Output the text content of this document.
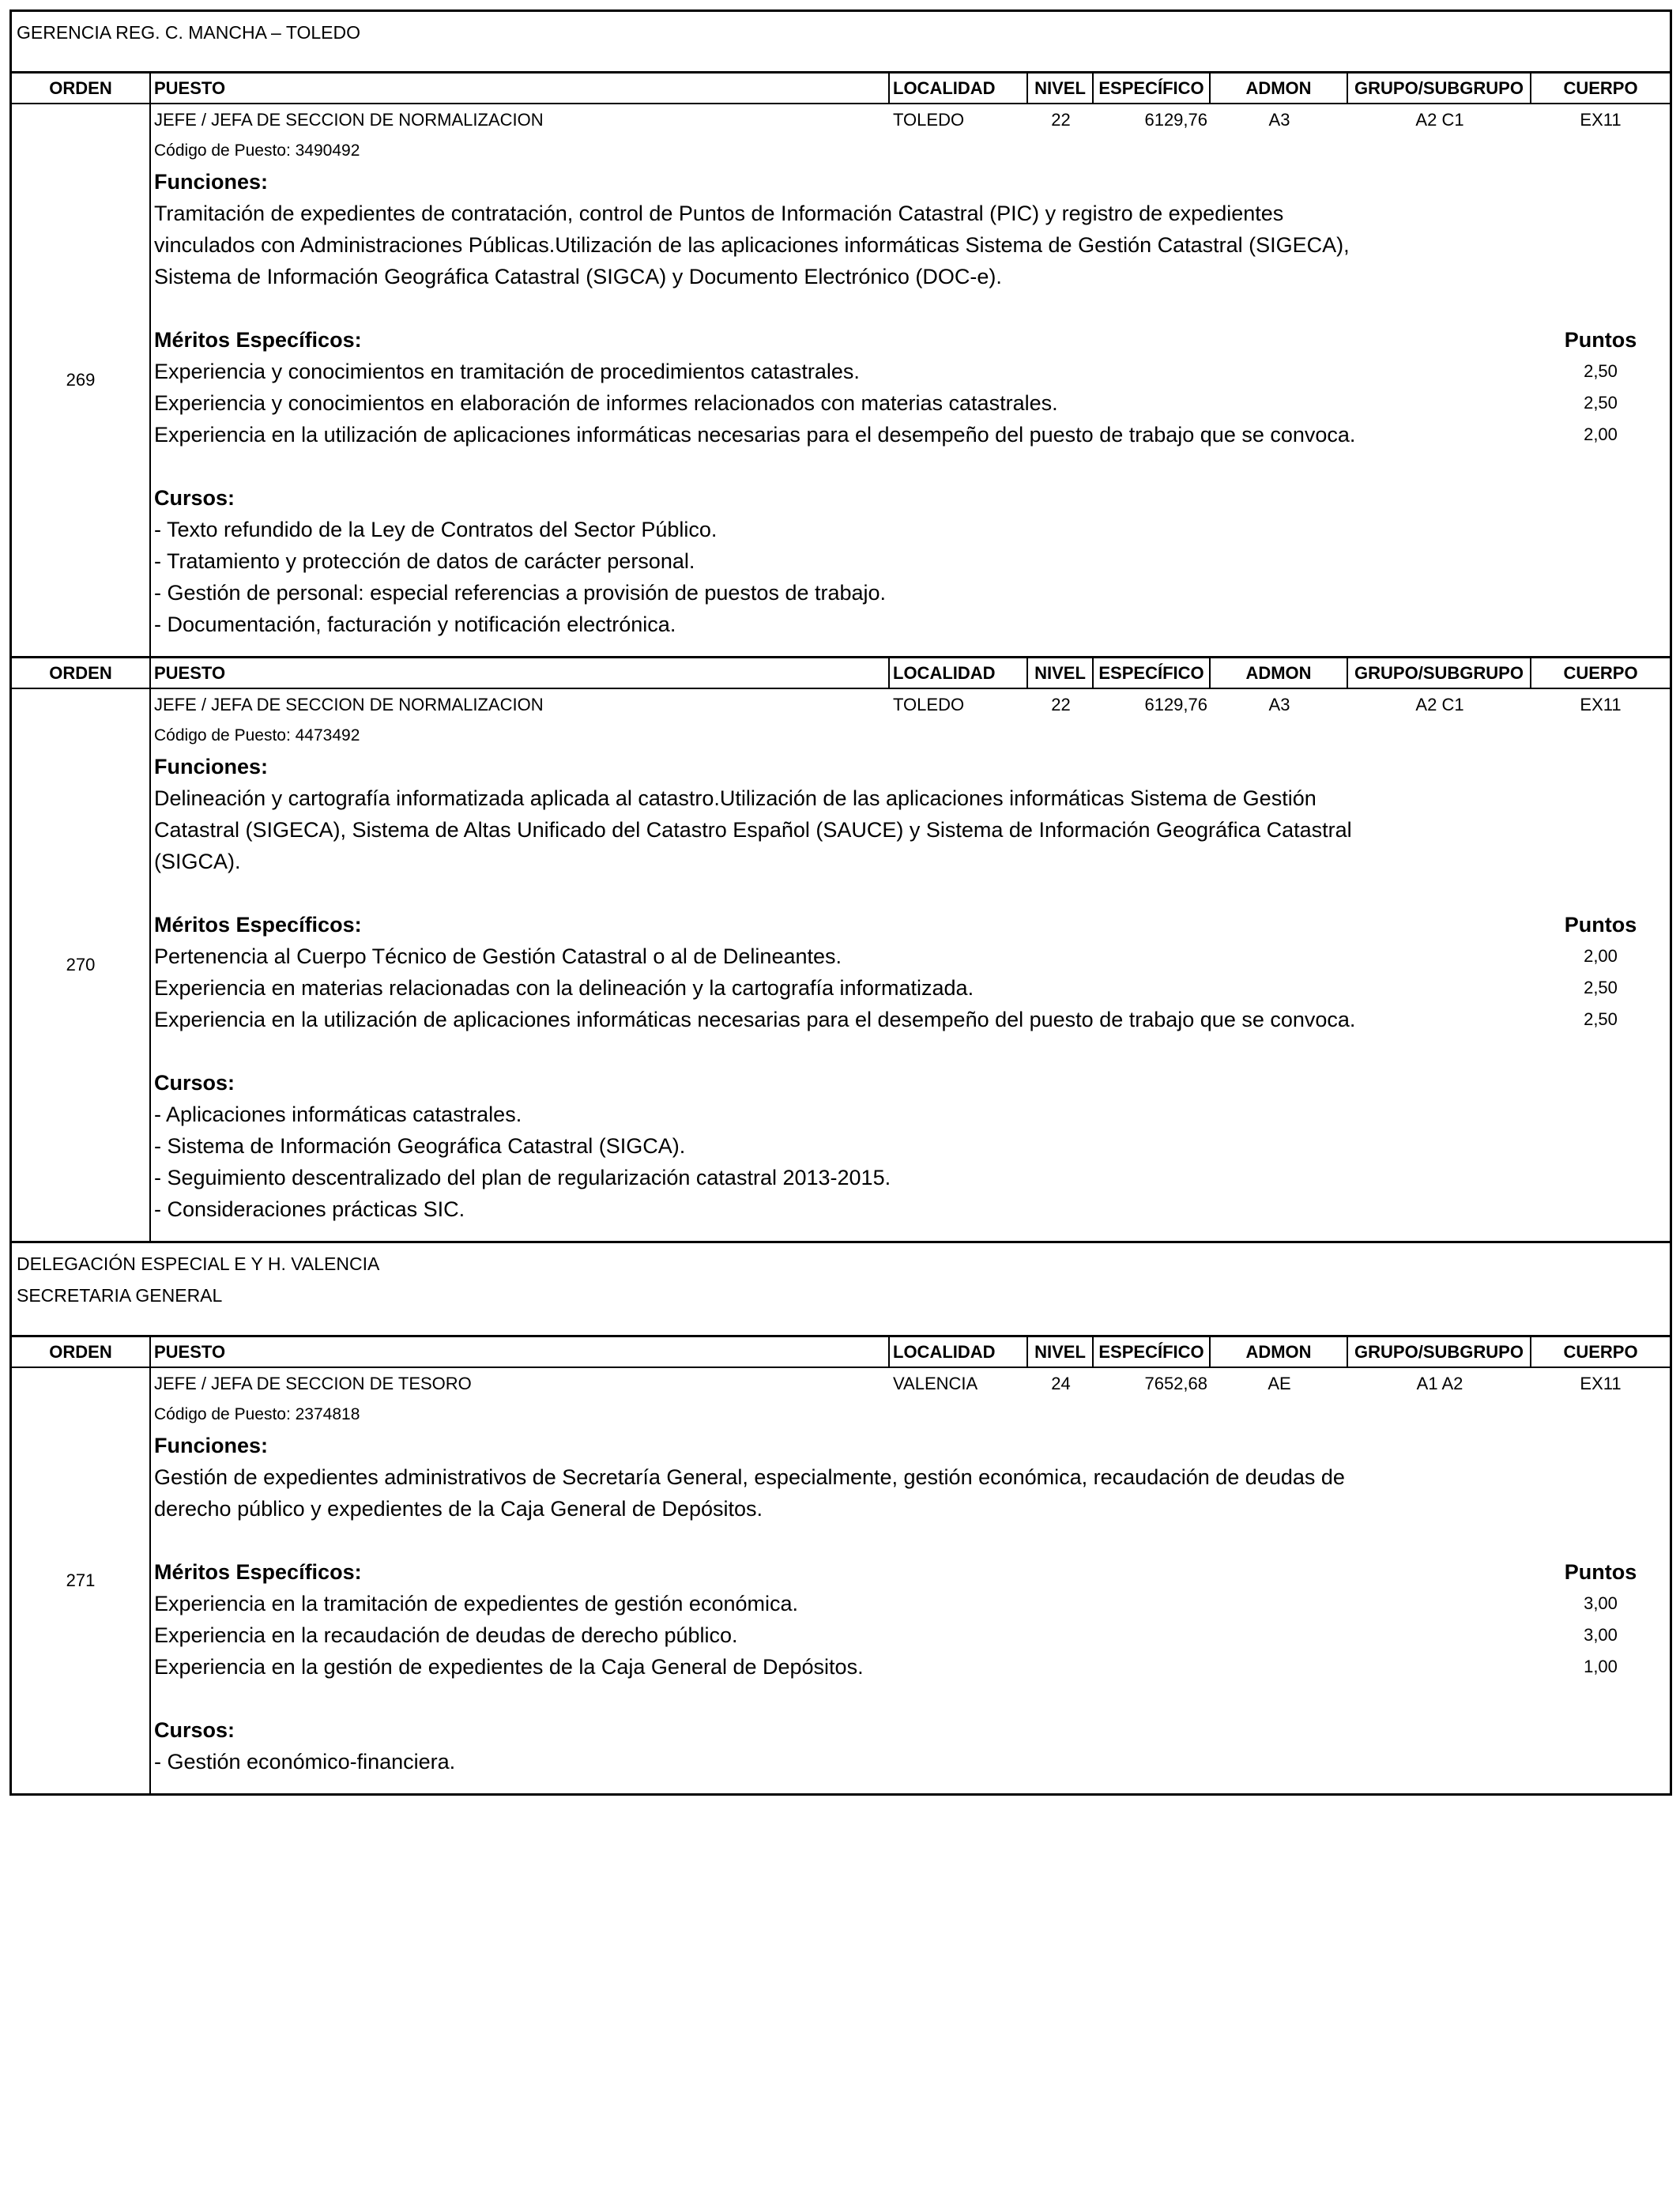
GERENCIA REG. C. MANCHA – TOLEDO
ORDEN	PUESTO	LOCALIDAD	NIVEL ESPECÍFICO	ADMON	GRUPO/SUBGRUPO	CUERPO
269
JEFE / JEFA DE SECCION DE NORMALIZACION	TOLEDO	22	6129,76	A3	A2 C1	EX11
Código de Puesto: 3490492
Funciones:
Tramitación de expedientes de contratación, control de Puntos de Información Catastral (PIC) y registro de expedientes vinculados con Administraciones Públicas.Utilización de las aplicaciones informáticas Sistema de Gestión Catastral (SIGECA), Sistema de Información Geográfica Catastral (SIGCA) y Documento Electrónico (DOC-e).
Méritos Específicos:	Puntos
Experiencia y conocimientos en tramitación de procedimientos catastrales.	2,50
Experiencia y conocimientos en elaboración de informes relacionados con materias catastrales.	2,50
Experiencia en la utilización de aplicaciones informáticas necesarias para el desempeño del puesto de trabajo que se convoca.	2,00
Cursos:
- Texto refundido de la Ley de Contratos del Sector Público.
- Tratamiento y protección de datos de carácter personal.
- Gestión de personal: especial referencias a provisión de puestos de trabajo.
- Documentación, facturación y notificación electrónica.
ORDEN	PUESTO	LOCALIDAD	NIVEL ESPECÍFICO	ADMON	GRUPO/SUBGRUPO	CUERPO
270
JEFE / JEFA DE SECCION DE NORMALIZACION	TOLEDO	22	6129,76	A3	A2 C1	EX11
Código de Puesto: 4473492
Funciones:
Delineación y cartografía informatizada aplicada al catastro.Utilización de las aplicaciones informáticas Sistema de Gestión Catastral (SIGECA), Sistema de Altas Unificado del Catastro Español (SAUCE) y Sistema de Información Geográfica Catastral (SIGCA).
Méritos Específicos:	Puntos
Pertenencia al Cuerpo Técnico de Gestión Catastral o al de Delineantes.	2,00
Experiencia en materias relacionadas con la delineación y la cartografía informatizada.	2,50
Experiencia en la utilización de aplicaciones informáticas necesarias para el desempeño del puesto de trabajo que se convoca.	2,50
Cursos:
- Aplicaciones informáticas catastrales.
- Sistema de Información Geográfica Catastral (SIGCA).
- Seguimiento descentralizado del plan de regularización catastral 2013-2015.
- Consideraciones prácticas SIC.
DELEGACIÓN ESPECIAL E Y H. VALENCIA
SECRETARIA GENERAL
ORDEN	PUESTO	LOCALIDAD	NIVEL ESPECÍFICO	ADMON	GRUPO/SUBGRUPO	CUERPO
271
JEFE / JEFA DE SECCION DE TESORO	VALENCIA	24	7652,68	AE	A1 A2	EX11
Código de Puesto: 2374818
Funciones:
Gestión de expedientes administrativos de Secretaría General, especialmente, gestión económica, recaudación de deudas de derecho público y expedientes de la Caja General de Depósitos.
Méritos Específicos:	Puntos
Experiencia en la tramitación de expedientes de gestión económica.	3,00
Experiencia en la recaudación de deudas de derecho público.	3,00
Experiencia en la gestión de expedientes de la Caja General de Depósitos.	1,00
Cursos:
- Gestión económico-financiera.
